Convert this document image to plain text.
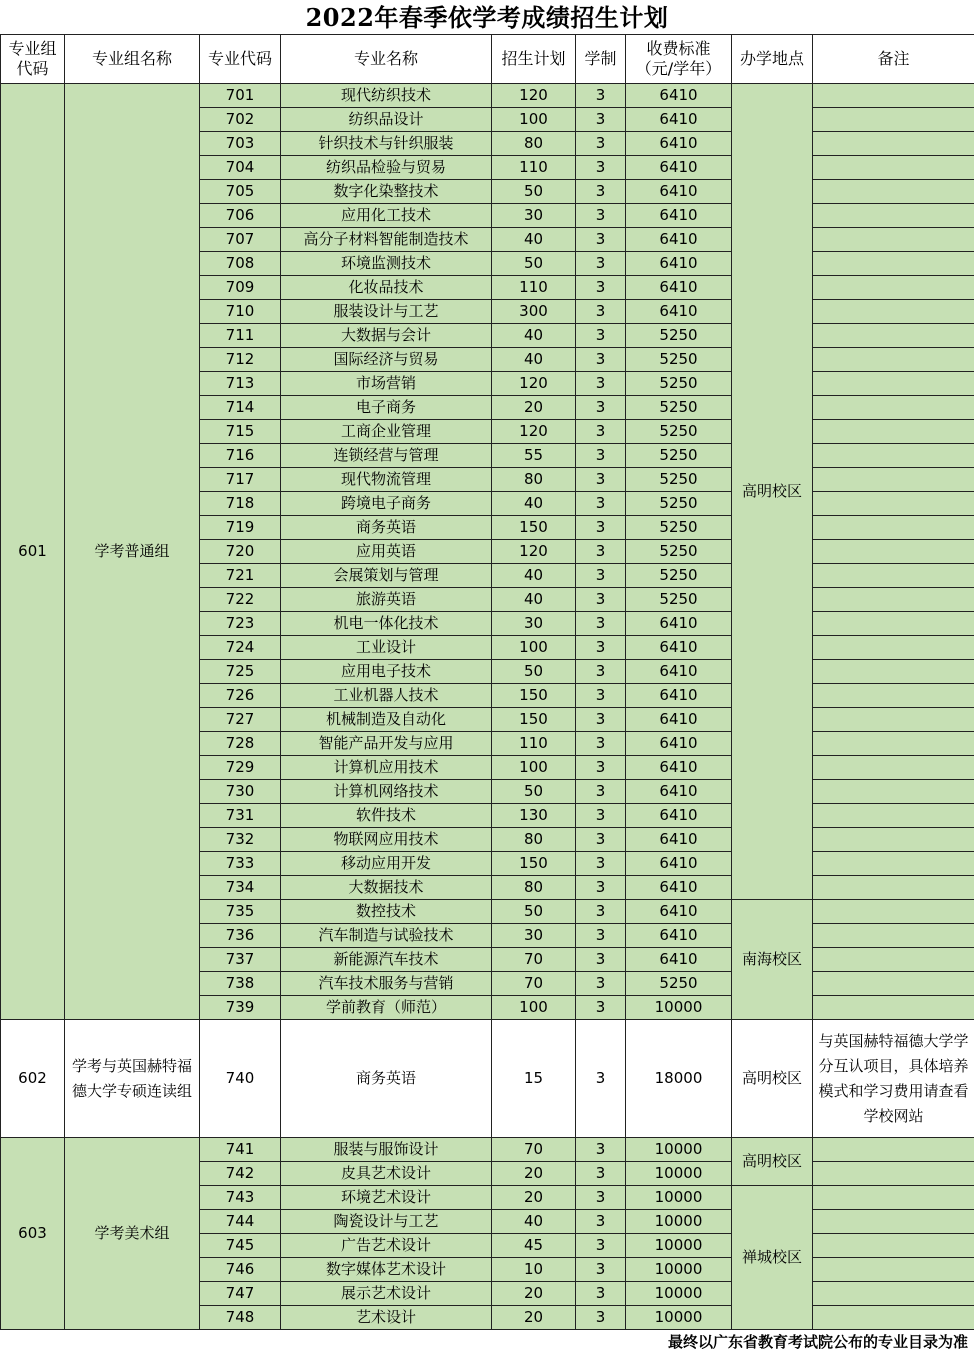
2022年春季依学考成绩招生计划
专业组代码	专业组名称	专业代码	专业名称	招生计划	学制	收费标准（元/学年）	办学地点	备注
601	学考普通组	701	现代纺织技术	120	3	6410	高明校区	
		702	纺织品设计	100	3	6410		
		703	针织技术与针织服装	80	3	6410		
		704	纺织品检验与贸易	110	3	6410		
		705	数字化染整技术	50	3	6410		
		706	应用化工技术	30	3	6410		
		707	高分子材料智能制造技术	40	3	6410		
		708	环境监测技术	50	3	6410		
		709	化妆品技术	110	3	6410		
		710	服装设计与工艺	300	3	6410		
		711	大数据与会计	40	3	5250		
		712	国际经济与贸易	40	3	5250		
		713	市场营销	120	3	5250		
		714	电子商务	20	3	5250		
		715	工商企业管理	120	3	5250		
		716	连锁经营与管理	55	3	5250		
		717	现代物流管理	80	3	5250		
		718	跨境电子商务	40	3	5250		
		719	商务英语	150	3	5250		
		720	应用英语	120	3	5250		
		721	会展策划与管理	40	3	5250		
		722	旅游英语	40	3	5250		
		723	机电一体化技术	30	3	6410		
		724	工业设计	100	3	6410		
		725	应用电子技术	50	3	6410		
		726	工业机器人技术	150	3	6410		
		727	机械制造及自动化	150	3	6410		
		728	智能产品开发与应用	110	3	6410		
		729	计算机应用技术	100	3	6410		
		730	计算机网络技术	50	3	6410		
		731	软件技术	130	3	6410		
		732	物联网应用技术	80	3	6410		
		733	移动应用开发	150	3	6410		
		734	大数据技术	80	3	6410		
		735	数控技术	50	3	6410	南海校区	
		736	汽车制造与试验技术	30	3	6410		
		737	新能源汽车技术	70	3	6410		
		738	汽车技术服务与营销	70	3	5250		
		739	学前教育（师范）	100	3	10000		
602	学考与英国赫特福德大学专硕连读组	740	商务英语	15	3	18000	高明校区	与英国赫特福德大学学分互认项目，具体培养模式和学习费用请查看学校网站
603	学考美术组	741	服装与服饰设计	70	3	10000	高明校区	
		742	皮具艺术设计	20	3	10000		
		743	环境艺术设计	20	3	10000	禅城校区	
		744	陶瓷设计与工艺	40	3	10000		
		745	广告艺术设计	45	3	10000		
		746	数字媒体艺术设计	10	3	10000		
		747	展示艺术设计	20	3	10000		
		748	艺术设计	20	3	10000		
最终以广东省教育考试院公布的专业目录为准
